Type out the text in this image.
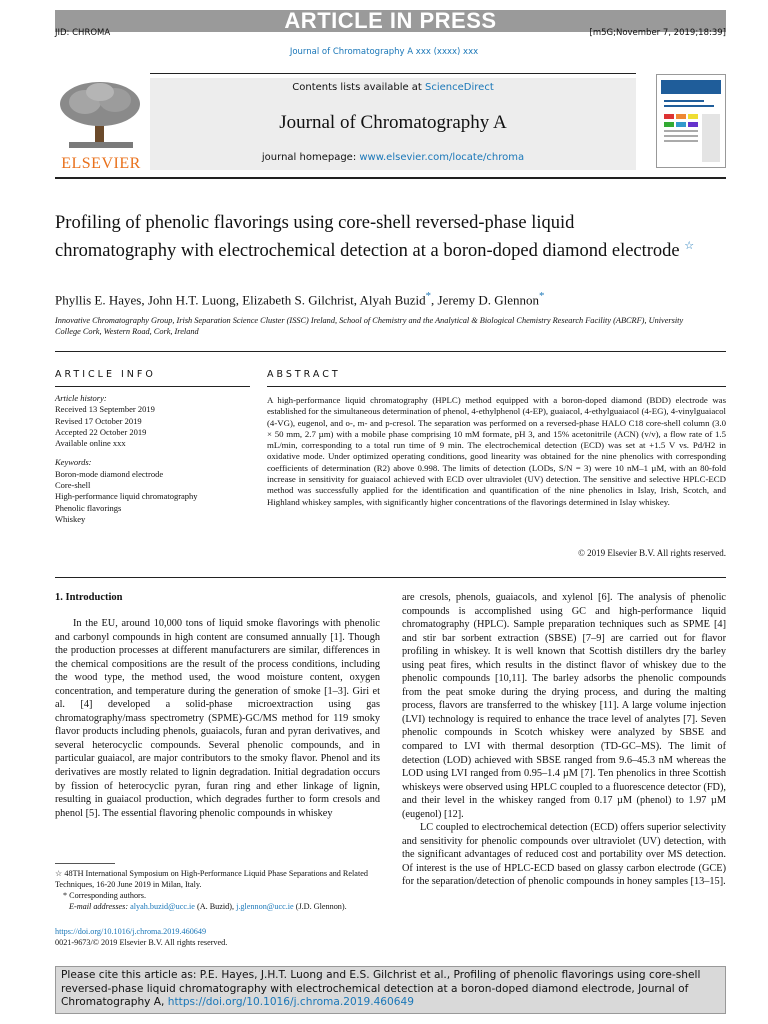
ARTICLE IN PRESS
JID: CHROMA	[m5G;November 7, 2019;18:39]
Journal of Chromatography A xxx (xxxx) xxx
ELSEVIER
Contents lists available at ScienceDirect
Journal of Chromatography A
journal homepage: www.elsevier.com/locate/chroma
Profiling of phenolic flavorings using core-shell reversed-phase liquid chromatography with electrochemical detection at a boron-doped diamond electrode ☆
Phyllis E. Hayes, John H.T. Luong, Elizabeth S. Gilchrist, Alyah Buzid*, Jeremy D. Glennon*
Innovative Chromatography Group, Irish Separation Science Cluster (ISSC) Ireland, School of Chemistry and the Analytical & Biological Chemistry Research Facility (ABCRF), University College Cork, Western Road, Cork, Ireland
ARTICLE INFO
Article history:
Received 13 September 2019
Revised 17 October 2019
Accepted 22 October 2019
Available online xxx
Keywords:
Boron-mode diamond electrode
Core-shell
High-performance liquid chromatography
Phenolic flavorings
Whiskey
ABSTRACT
A high-performance liquid chromatography (HPLC) method equipped with a boron-doped diamond (BDD) electrode was established for the simultaneous determination of phenol, 4-ethylphenol (4-EP), guaiacol, 4-ethylguaiacol (4-EG), 4-vinylguaiacol (4-VG), eugenol, and o-, m- and p-cresol. The separation was performed on a reversed-phase HALO C18 core-shell column (3.0 × 50 mm, 2.7 µm) with a mobile phase comprising 10 mM formate, pH 3, and 15% acetonitrile (ACN) (v/v), a flow rate of 1.5 mL/min, corresponding to a total run time of 9 min. The electrochemical detection (ECD) was set at +1.5 V vs. Pd/H2 in oxidative mode. Under optimized operating conditions, good linearity was obtained for the nine phenolics with corresponding coefficients of determination (R2) above 0.998. The limits of detection (LODs, S/N = 3) were 10 nM–1 µM, with an 80-fold increase in sensitivity for guaiacol achieved with ECD over ultraviolet (UV) detection. The sensitive and selective HPLC-ECD method was successfully applied for the identification and quantification of the nine phenolics in Islay, Irish, Scotch, and Highland whiskey samples, with significantly higher concentrations of the flavorings determined in Islay whiskey.
© 2019 Elsevier B.V. All rights reserved.
1. Introduction

In the EU, around 10,000 tons of liquid smoke flavorings with phenolic and carbonyl compounds in high content are consumed annually [1]. Though the production processes at different manufacturers are similar, differences in the chemical compositions are the result of the process conditions, including the wood type, the method used, the wood moisture content, oxygen concentration, and temperature during the generation of smoke [1–3]. Giri et al. [4] developed a solid-phase microextraction using gas chromatography/mass spectrometry (SPME)-GC/MS method for 119 smoky flavor products including phenols, guaiacols, furan and pyran derivatives, and several heterocyclic compounds. Several phenolic compounds, and in particular guaiacol, are major contributors to the smoky flavor. Phenol and its derivatives are mostly related to lignin degradation. Initial degradation occurs by fission of heterocyclic pyran, furan ring and ether linkage of lignin, resulting in guaiacol production, which degrades further to form cresols and phenol [5]. The essential flavoring phenolic compounds in whiskey

are cresols, phenols, guaiacols, and xylenol [6]. The analysis of phenolic compounds is accomplished using GC and high-performance liquid chromatography (HPLC). Sample preparation techniques such as SPME [4] and stir bar sorbent extraction (SBSE) [7–9] are carried out for flavor profiling in whiskey. It is well known that Scottish distillers dry the barley using peat fires, which results in the distinct flavor of whiskey due to the phenolic compounds [10,11]. The barley adsorbs the phenolic compounds from the peat smoke during the drying process, and during the malting process, flavors are transferred to the whiskey [11]. A large volume injection (LVI) technology is required to enhance the trace level of analytes [7]. Seven phenolic compounds in Scotch whiskey were analyzed by SBSE and compared to LVI with thermal desorption (TD-GC–MS). The limit of detection (LOD) achieved with SBSE ranged from 9.6–45.3 nM whereas the LOD using LVI ranged from 0.95–1.4 µM [7]. Ten phenolics in three Scottish whiskeys were observed using HPLC coupled to a fluorescence detector (FD), and their level in the whiskey ranged from 0.17 µM (phenol) to 1.97 µM (eugenol) [12].

LC coupled to electrochemical detection (ECD) offers superior selectivity and sensitivity for phenolic compounds over ultraviolet (UV) detection, with the significant advantages of reduced cost and portability over MS detection. Of interest is the use of HPLC-ECD based on glassy carbon electrode (GCE) for the separation/detection of phenolic compounds in honey samples [13–15].

☆ 48TH International Symposium on High-Performance Liquid Phase Separations and Related Techniques, 16-20 June 2019 in Milan, Italy.
* Corresponding authors.
E-mail addresses: alyah.buzid@ucc.ie (A. Buzid), j.glennon@ucc.ie (J.D. Glennon).
https://doi.org/10.1016/j.chroma.2019.460649
0021-9673/© 2019 Elsevier B.V. All rights reserved.
Please cite this article as: P.E. Hayes, J.H.T. Luong and E.S. Gilchrist et al., Profiling of phenolic flavorings using core-shell reversed-phase liquid chromatography with electrochemical detection at a boron-doped diamond electrode, Journal of Chromatography A, https://doi.org/10.1016/j.chroma.2019.460649
